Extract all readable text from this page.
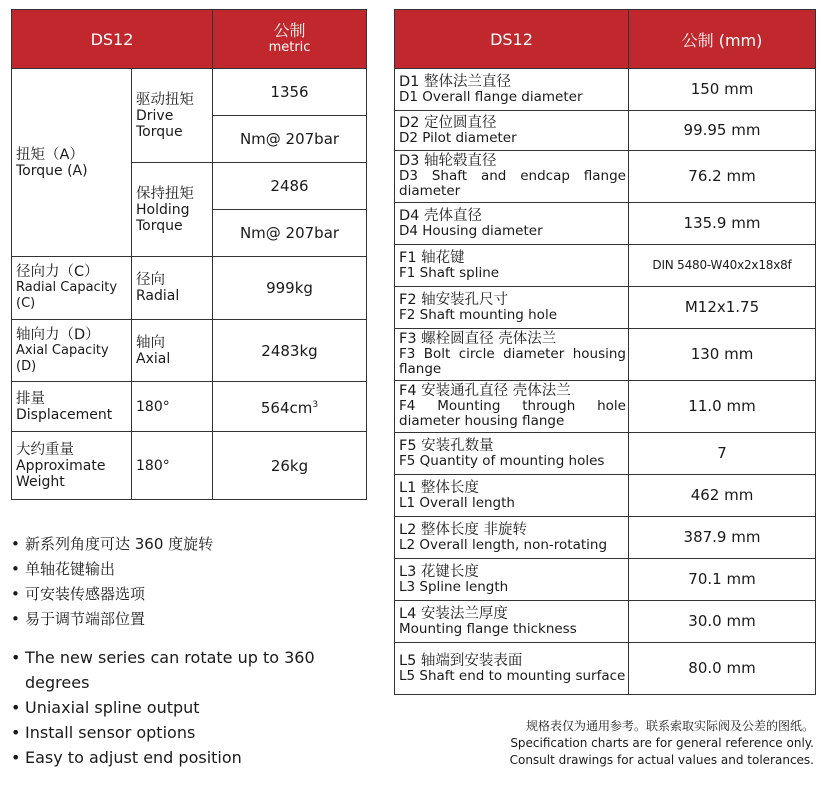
DS12		公制
metric

扭矩（A）
Torque (A)	驱动扭矩
Drive
Torque	1356
		Nm@ 207bar

	保持扭矩
Holding
Torque	2486
		Nm@ 207bar

径向力（C）
Radial Capacity
(C)	径向
Radial	999kg

轴向力（D）
Axial Capacity
(D)	轴向
Axial	2483kg

排量
Displacement	180°	$564cm^3$

大约重量
Approximate
Weight	180°	26kg
DS12	公制 (mm)

D1 整体法兰直径
D1 Overall flange diameter	150 mm

D2 定位圆直径
D2 Pilot diameter	99.95 mm

D3 轴轮毂直径
D3 Shaft and endcap flange diameter	76.2 mm

D4 壳体直径
D4 Housing diameter	135.9 mm

F1 轴花键
F1 Shaft spline	DIN 5480-W40x2x18x8f

F2 轴安装孔尺寸
F2 Shaft mounting hole	M12x1.75

F3 螺栓圆直径 壳体法兰
F3 Bolt circle diameter housing flange	130 mm

F4 安装通孔直径 壳体法兰
F4 Mounting through hole diameter housing flange	11.0 mm

F5 安装孔数量
F5 Quantity of mounting holes	7

L1 整体长度
L1 Overall length	462 mm

L2 整体长度 非旋转
L2 Overall length, non-rotating	387.9 mm

L3 花键长度
L3 Spline length	70.1 mm

L4 安装法兰厚度
Mounting flange thickness	30.0 mm

L5 轴端到安装表面
L5 Shaft end to mounting surface	80.0 mm
• 新系列角度可达 360 度旋转
• 单轴花键输出
• 可安装传感器选项
• 易于调节端部位置
• The new series can rotate up to 360 degrees
• Uniaxial spline output
• Install sensor options
• Easy to adjust end position
规格表仅为通用参考。联系索取实际阀及公差的图纸。
Specification charts are for general reference only.
Consult drawings for actual values and tolerances.
